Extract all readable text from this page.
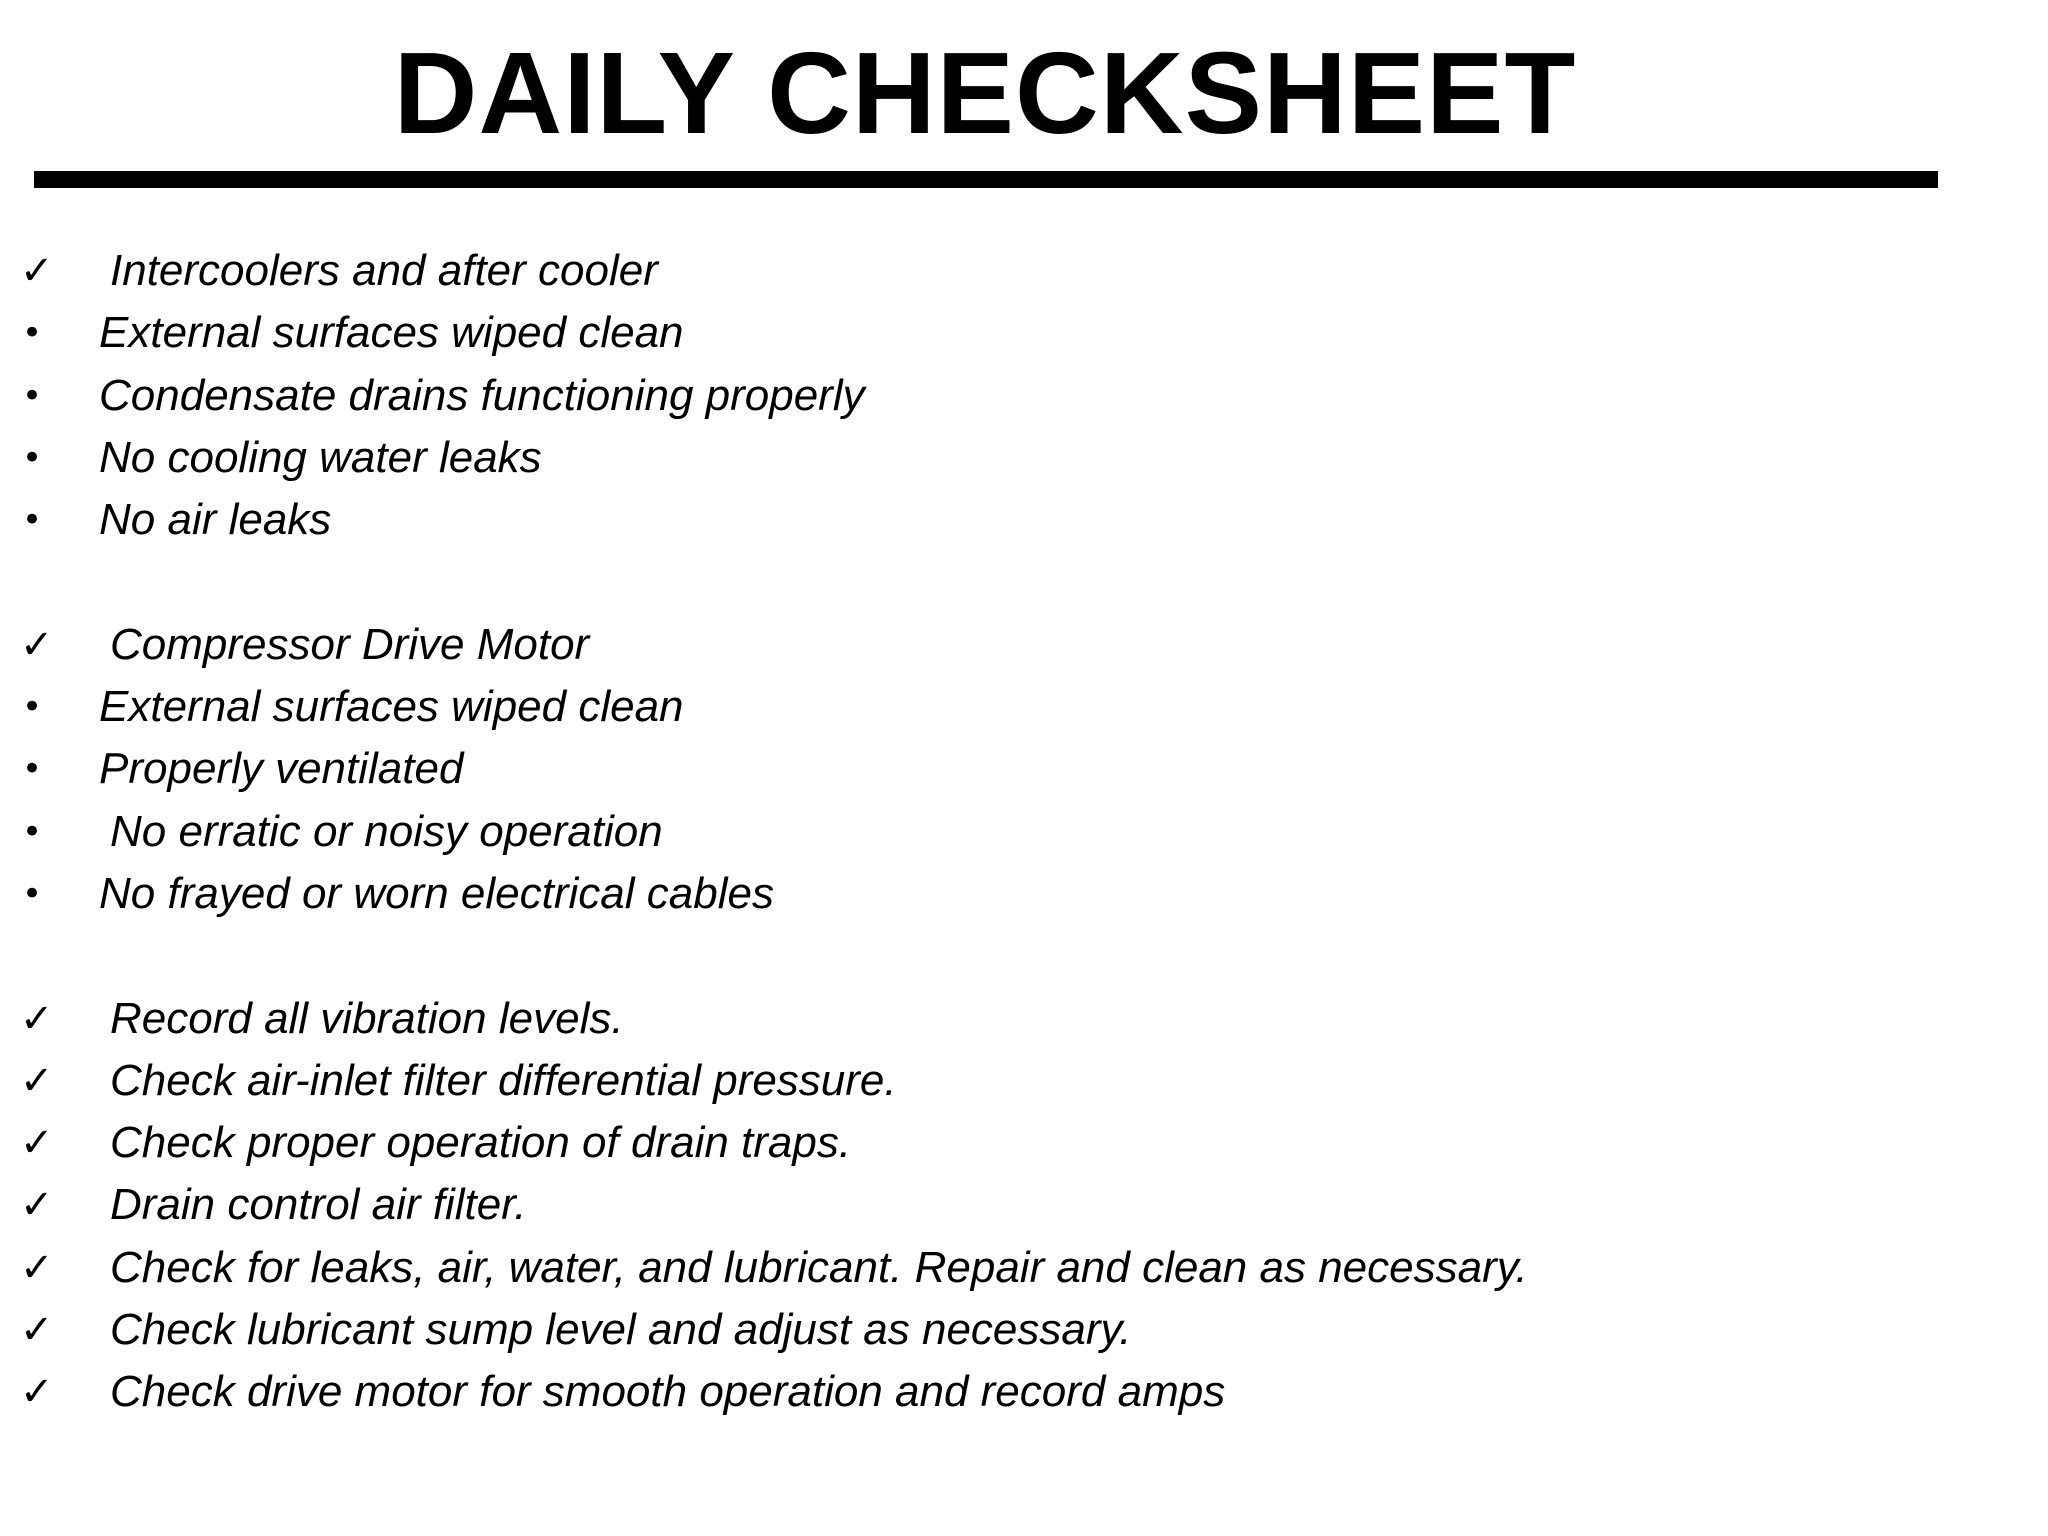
DAILY CHECKSHEET
✓	Intercoolers and after cooler
•	External surfaces wiped clean
•	Condensate drains functioning properly
•	No cooling water leaks
•	No air leaks
✓	Compressor Drive Motor
•	External surfaces wiped clean
•	Properly ventilated
•	No erratic or noisy operation
•	No frayed or worn electrical cables
✓	Record all vibration levels.
✓	Check air-inlet filter differential pressure.
✓	Check proper operation of drain traps.
✓	Drain control air filter.
✓	Check for leaks, air, water, and lubricant. Repair and clean as necessary.
✓	Check lubricant sump level and adjust as necessary.
✓	Check drive motor for smooth operation and record amps
